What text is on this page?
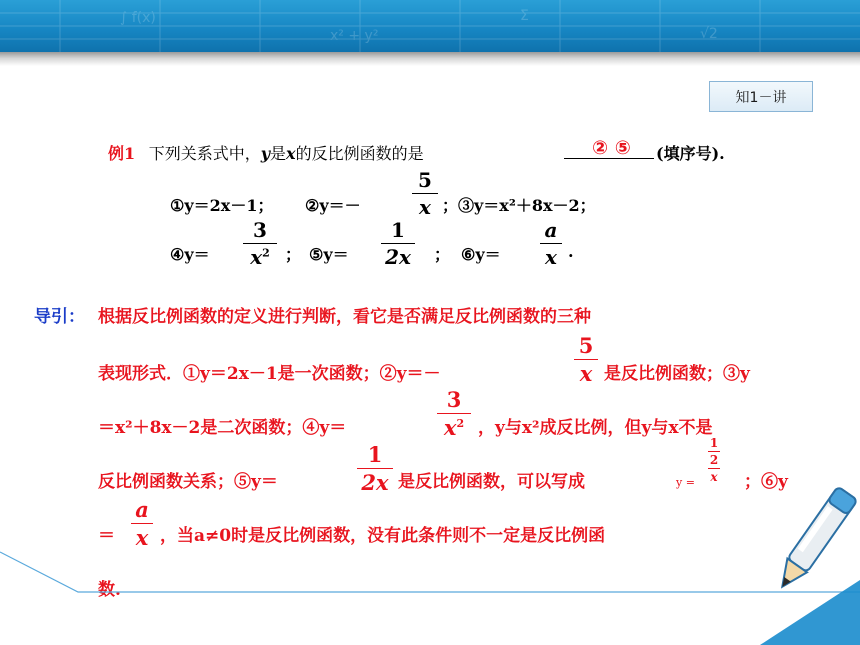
∫ f(x)
x² + y²
Σ
√2
知1－讲
例1 下列关系式中，y是x的反比例函数的是	② ⑤ (填序号).
①y＝2x－1； ②y＝－
5
x ；③y＝x²＋8x－2；
④y＝
3
$x^2$ ； ⑤y＝
1
2x ； ⑥y＝
a
x .
导引： 根据反比例函数的定义进行判断，看它是否满足反比例函数的三种
表现形式．①y＝2x－1是一次函数；②y＝－
5
x 是反比例函数；③y
＝x²＋8x－2是二次函数；④y＝
3
$x^2$ ，y与x²成反比例，但y与x不是
反比例函数关系；⑤y＝
1
2x 是反比例函数，可以写成	y =
1
2
x ；⑥y
＝
a
x ，当a≠0时是反比例函数，没有此条件则不一定是反比例函
数.
